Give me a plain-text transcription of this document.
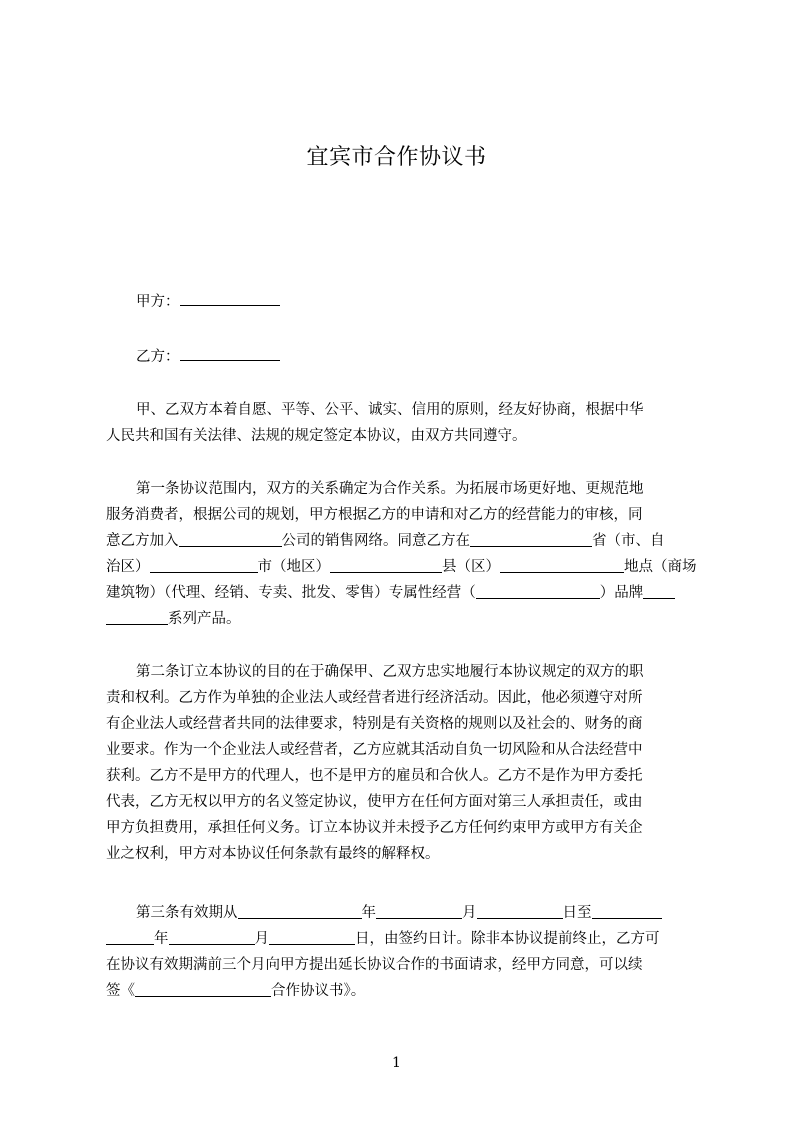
宜宾市合作协议书
甲方：
乙方：
甲、乙双方本着自愿、平等、公平、诚实、信用的原则，经友好协商，根据中华
人民共和国有关法律、法规的规定签定本协议，由双方共同遵守。
第一条协议范围内，双方的关系确定为合作关系。为拓展市场更好地、更规范地
服务消费者，根据公司的规划，甲方根据乙方的申请和对乙方的经营能力的审核，同
意乙方加入	公司的销售网络。同意乙方在	省（市、自
治区）	市（地区）	县（区）	地点（商场
建筑物）（代理、经销、专卖、批发、零售）专属性经营（	）品牌
系列产品。
第二条订立本协议的目的在于确保甲、乙双方忠实地履行本协议规定的双方的职
责和权利。乙方作为单独的企业法人或经营者进行经济活动。因此，他必须遵守对所
有企业法人或经营者共同的法律要求，特别是有关资格的规则以及社会的、财务的商
业要求。作为一个企业法人或经营者，乙方应就其活动自负一切风险和从合法经营中
获利。乙方不是甲方的代理人，也不是甲方的雇员和合伙人。乙方不是作为甲方委托
代表，乙方无权以甲方的名义签定协议，使甲方在任何方面对第三人承担责任，或由
甲方负担费用，承担任何义务。订立本协议并未授予乙方任何约束甲方或甲方有关企
业之权利，甲方对本协议任何条款有最终的解释权。
第三条有效期从	年	月	日至
年	月	日，由签约日计。除非本协议提前终止，乙方可
在协议有效期满前三个月向甲方提出延长协议合作的书面请求，经甲方同意，可以续
签《	合作协议书》。
1
